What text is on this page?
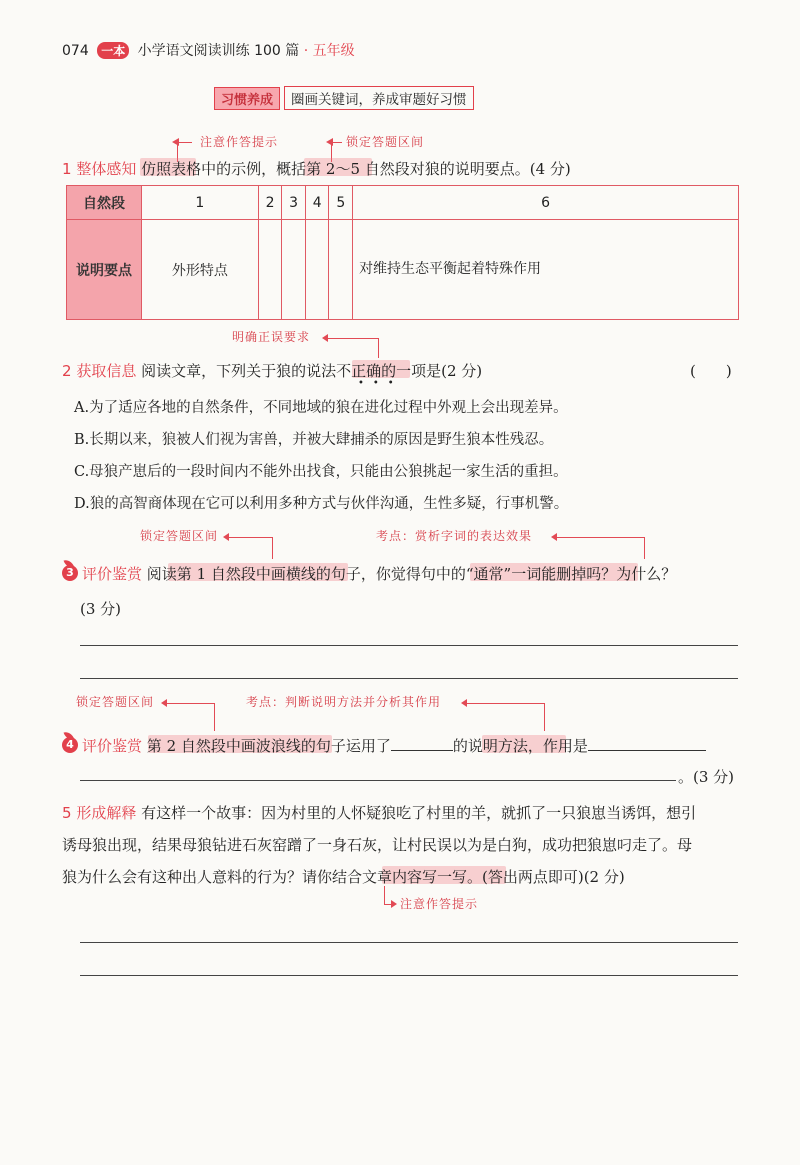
074 一本 小学语文阅读训练 100 篇 · 五年级
习惯养成	圈画关键词，养成审题好习惯
注意作答提示	锁定答题区间
1 整体感知 仿照表格中的示例，概括第 2～5 自然段对狼的说明要点。(4 分)
自然段	1	2	3	4	5	6
说明要点	外形特点					对维持生态平衡起着特殊作用
明确正误要求
2 获取信息 阅读文章，下列关于狼的说法不正确的一项是(2 分)
•••
(　　)
A.为了适应各地的自然条件，不同地域的狼在进化过程中外观上会出现差异。
B.长期以来，狼被人们视为害兽，并被大肆捕杀的原因是野生狼本性残忍。
C.母狼产崽后的一段时间内不能外出找食，只能由公狼挑起一家生活的重担。
D.狼的高智商体现在它可以利用多种方式与伙伴沟通，生性多疑，行事机警。
锁定答题区间	考点：赏析字词的表达效果
3 评价鉴赏 阅读第 1 自然段中画横线的句子，你觉得句中的“通常”一词能删掉吗？为什么？
(3 分)
锁定答题区间	考点：判断说明方法并分析其作用
4 评价鉴赏 第 2 自然段中画波浪线的句子运用了	的说明方法，作用是
。(3 分)
5 形成解释 有这样一个故事：因为村里的人怀疑狼吃了村里的羊，就抓了一只狼崽当诱饵，想引
诱母狼出现，结果母狼钻进石灰窑蹭了一身石灰，让村民误以为是白狗，成功把狼崽叼走了。母
狼为什么会有这种出人意料的行为？请你结合文章内容写一写。(答出两点即可)(2 分)
注意作答提示
